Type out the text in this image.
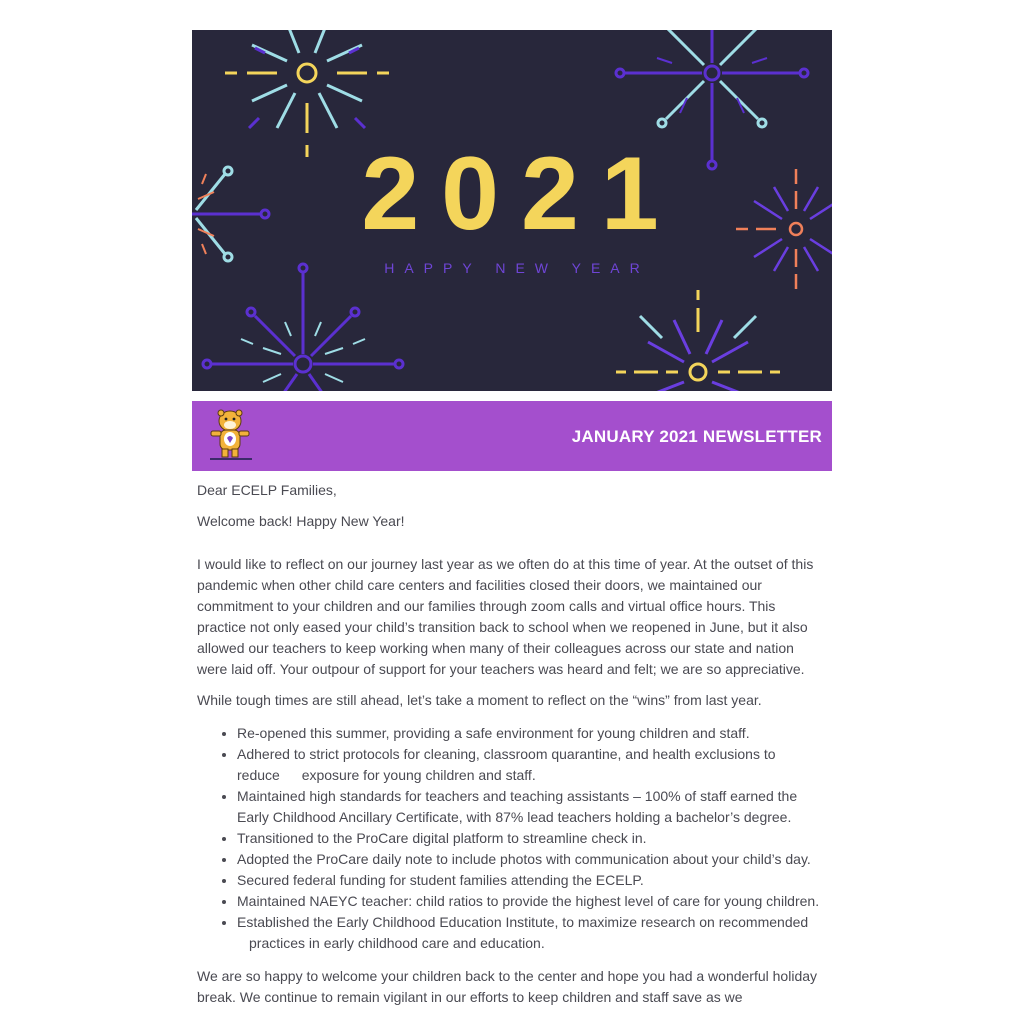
2021
HAPPY NEW YEAR
JANUARY 2021 NEWSLETTER

Dear ECELP Families,

Welcome back! Happy New Year!

I would like to reflect on our journey last year as we often do at this time of year. At the outset of this pandemic when other child care centers and facilities closed their doors, we maintained our commitment to your children and our families through zoom calls and virtual office hours. This practice not only eased your child’s transition back to school when we reopened in June, but it also allowed our teachers to keep working when many of their colleagues across our state and nation were laid off. Your outpour of support for your teachers was heard and felt; we are so appreciative.

While tough times are still ahead, let’s take a moment to reflect on the “wins” from last year.

• Re-opened this summer, providing a safe environment for young children and staff.
• Adhered to strict protocols for cleaning, classroom quarantine, and health exclusions to
reduce exposure for young children and staff.
• Maintained high standards for teachers and teaching assistants – 100% of staff earned the Early Childhood Ancillary Certificate, with 87% lead teachers holding a bachelor’s degree.
• Transitioned to the ProCare digital platform to streamline check in.
• Adopted the ProCare daily note to include photos with communication about your child’s day.
• Secured federal funding for student families attending the ECELP.
• Maintained NAEYC teacher: child ratios to provide the highest level of care for young children.
• Established the Early Childhood Education Institute, to maximize research on recommended
practices in early childhood care and education.

We are so happy to welcome your children back to the center and hope you had a wonderful holiday break. We continue to remain vigilant in our efforts to keep children and staff save as we
